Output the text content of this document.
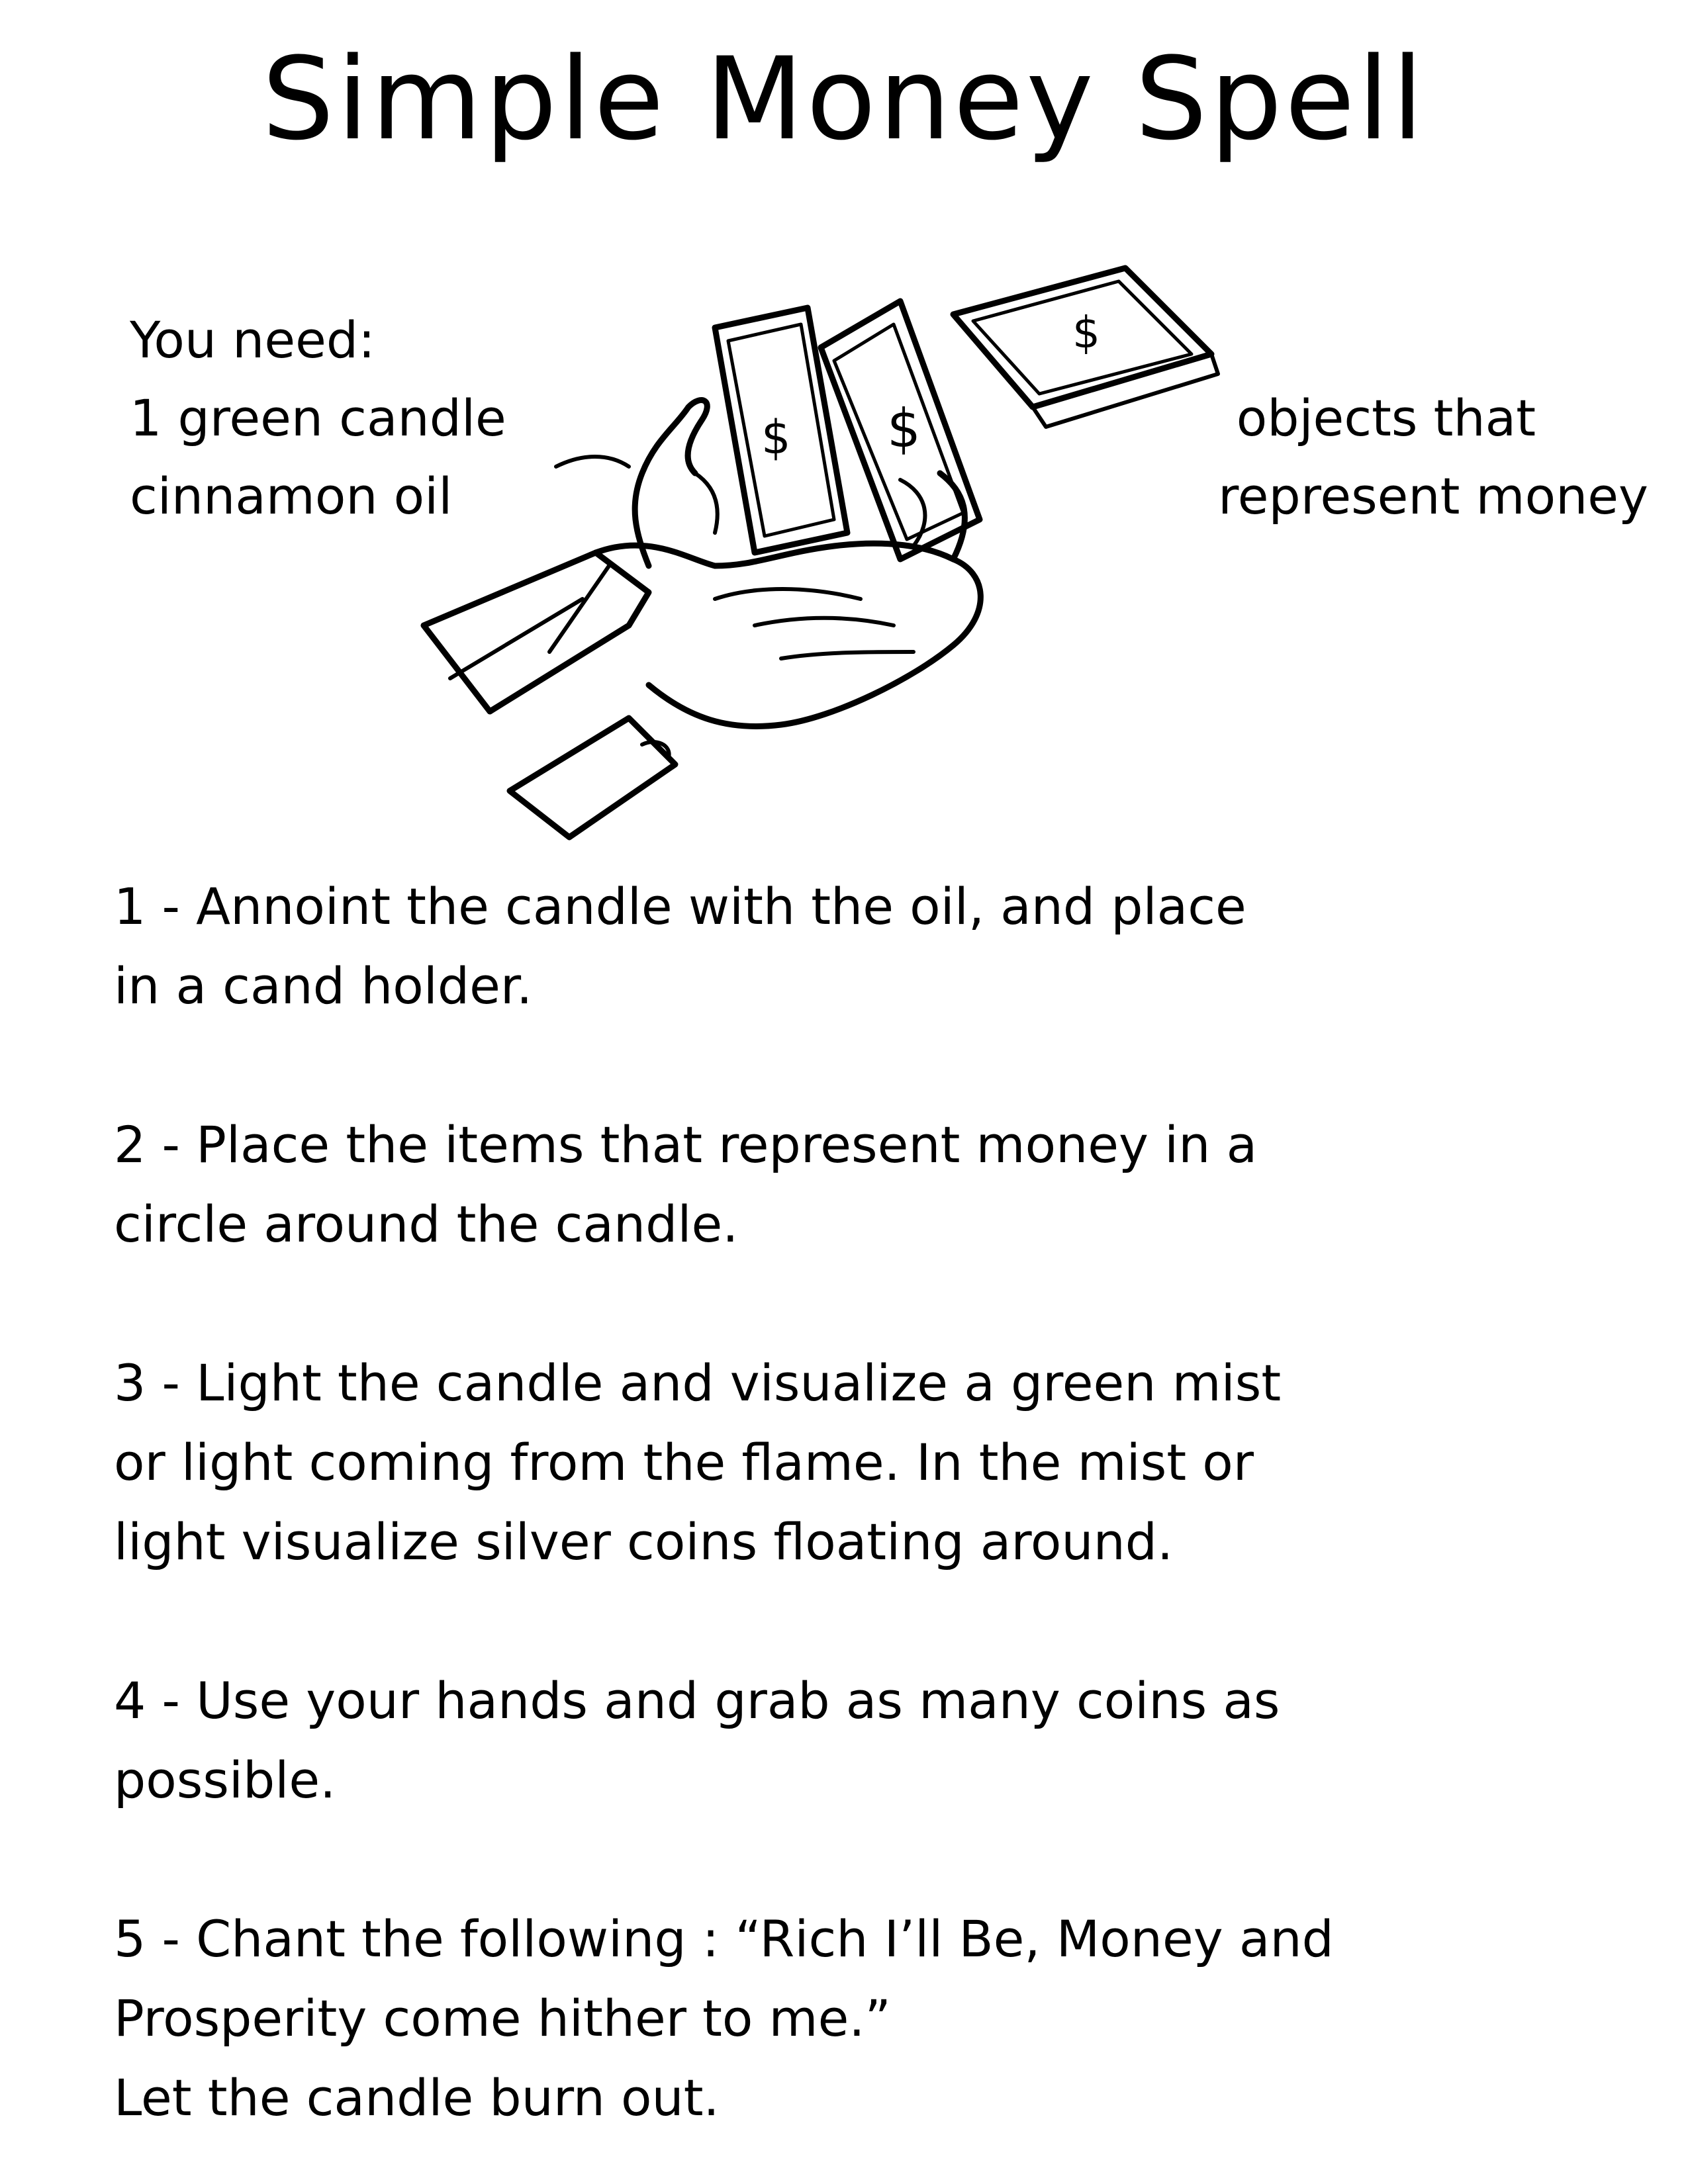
Simple Money Spell
You need:
1 green candle
cinnamon oil
objects that
represent money
$ $
$

1 - Annoint the candle with the oil, and place
in a cand holder.

2 - Place the items that represent money in a
circle around the candle.

3 - Light the candle and visualize a green mist
or light coming from the flame. In the mist or
light visualize silver coins floating around.

4 - Use your hands and grab as many coins as
possible.

5 - Chant the following : “Rich I’ll Be, Money and
Prosperity come hither to me.”
Let the candle burn out.
